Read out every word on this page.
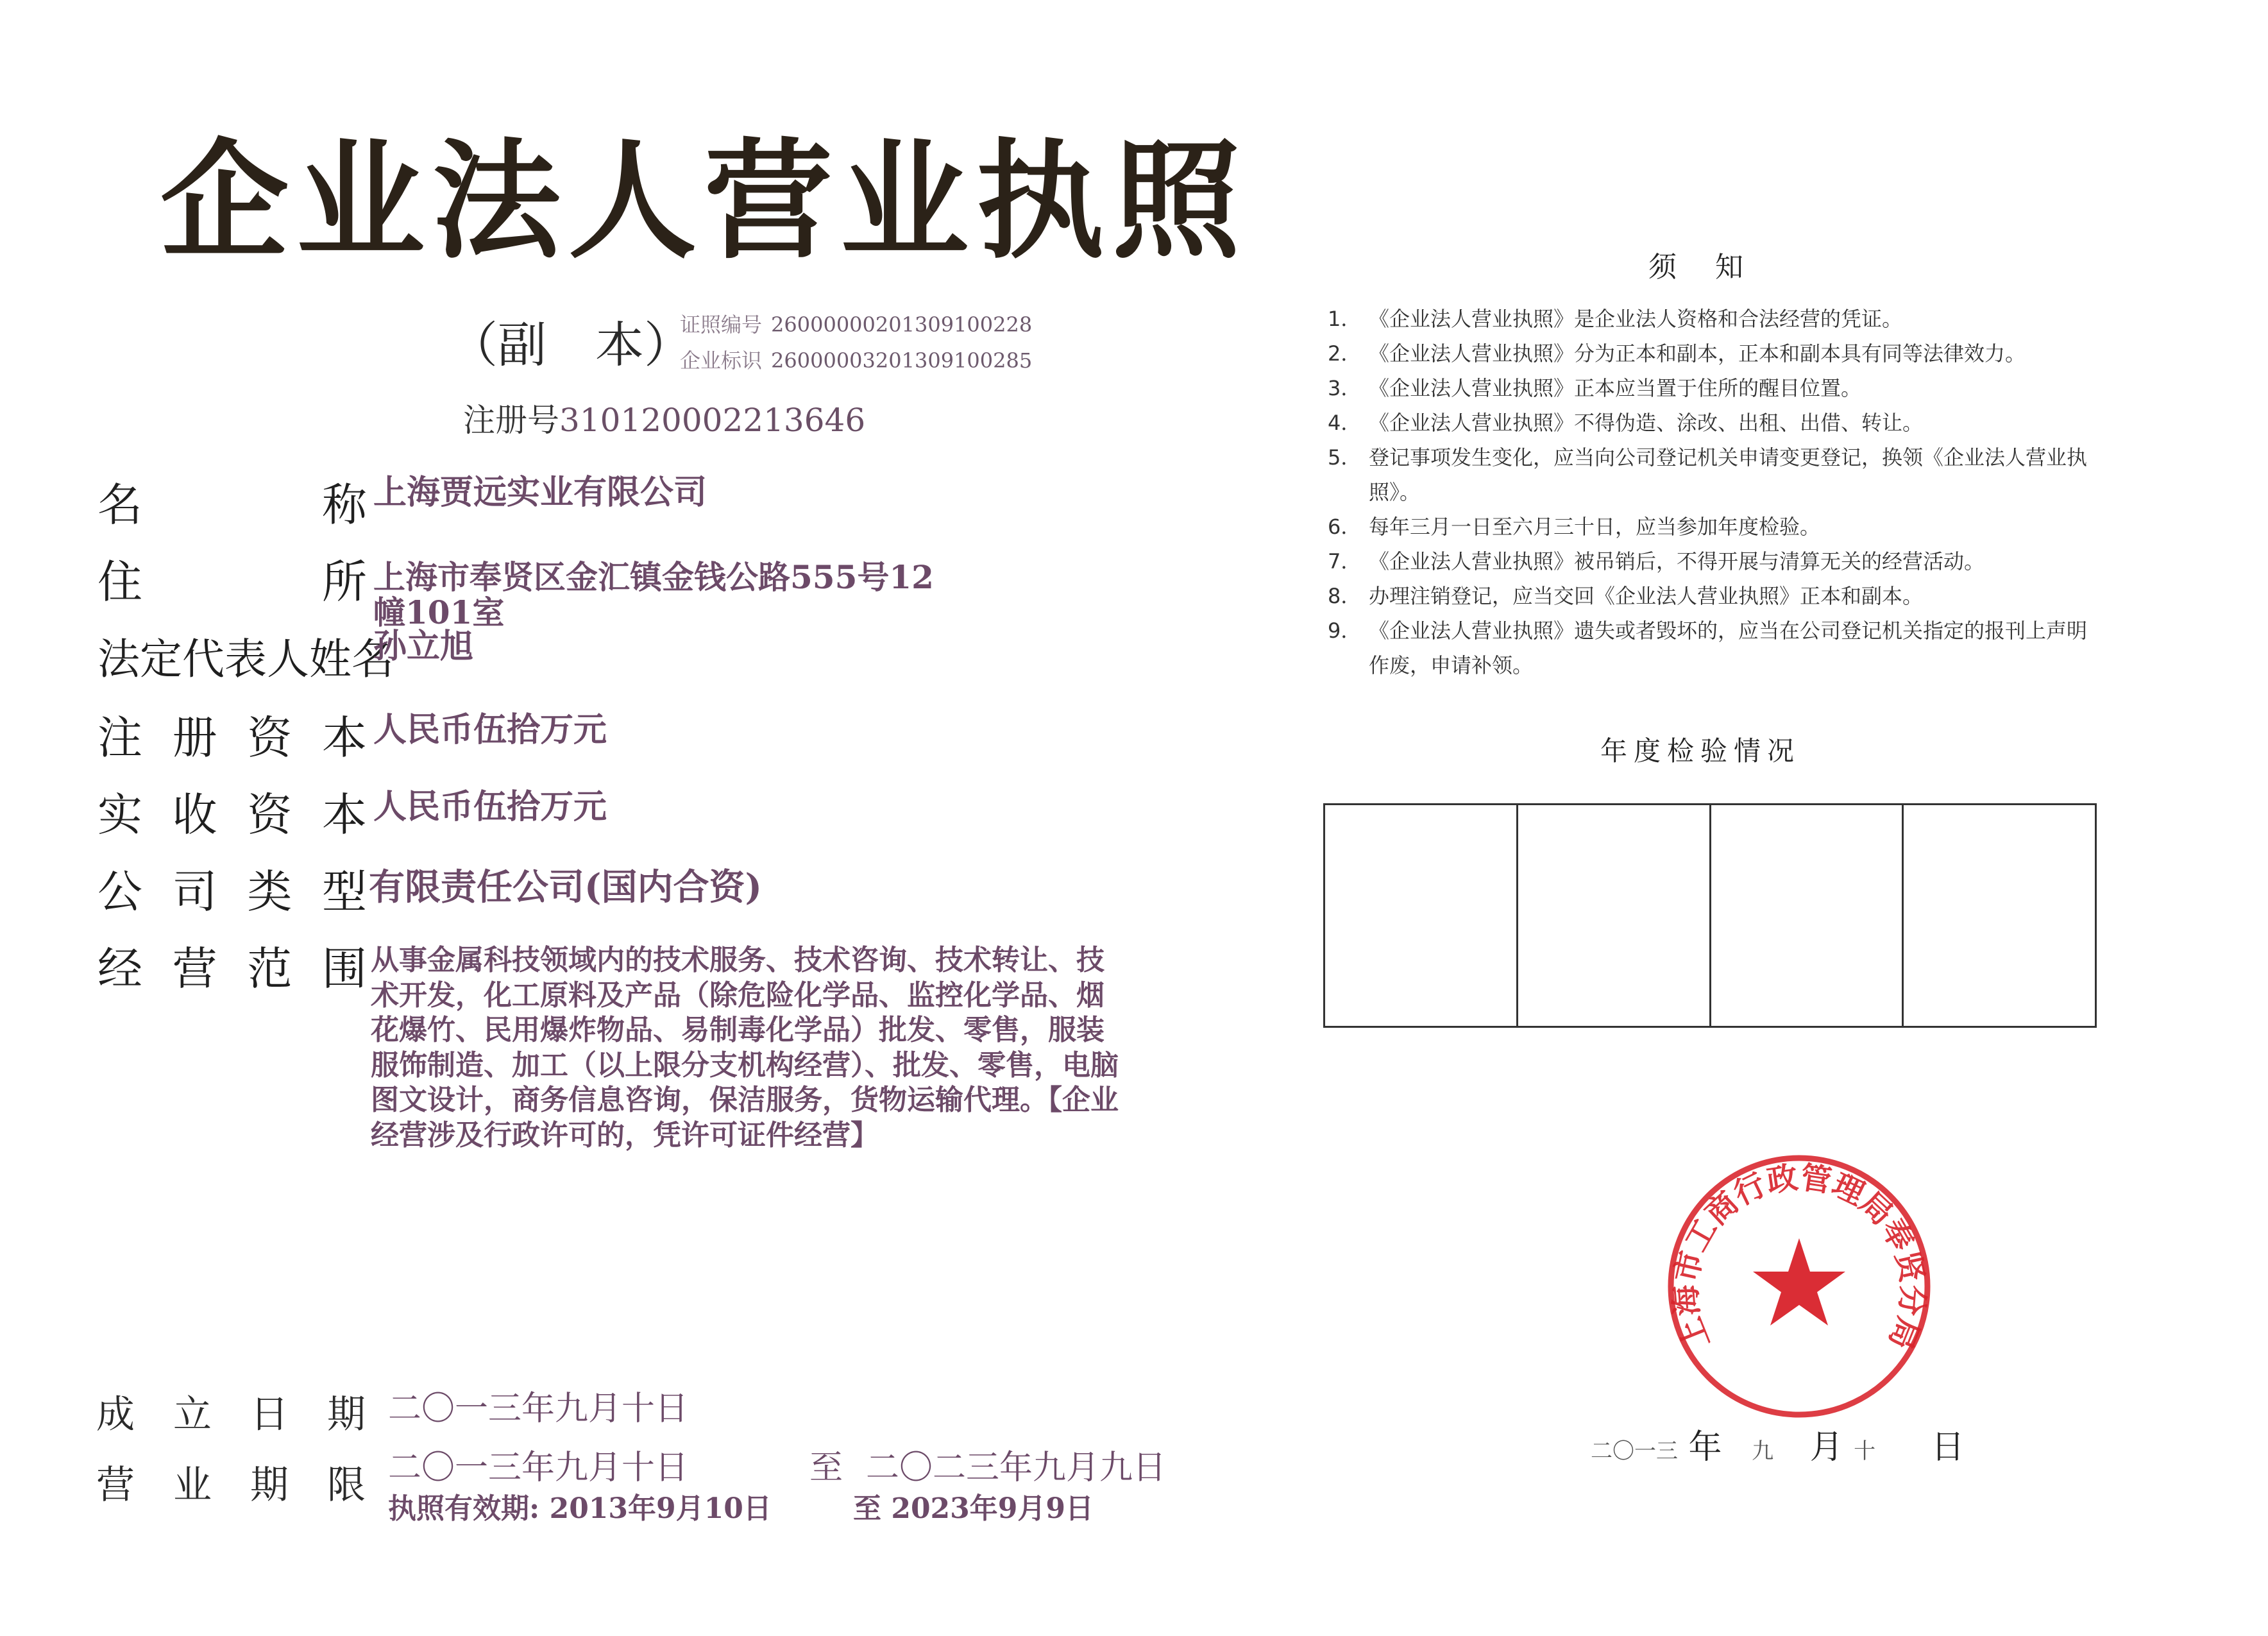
企业法人营业执照
（副　本）
证照编号 26000000201309100228
企业标识 26000003201309100285
注册号310120002213646
名	称 上海贾远实业有限公司
住	所 上海市奉贤区金汇镇金钱公路555号12幢101室
法定代表人姓名
孙立旭
注 册 资 本 人民币伍拾万元
实 收 资 本 人民币伍拾万元
公 司 类 型 有限责任公司(国内合资)
经 营 范 围 从事金属科技领域内的技术服务、技术咨询、技术转让、技术开发，化工原料及产品（除危险化学品、监控化学品、烟花爆竹、民用爆炸物品、易制毒化学品）批发、零售，服装服饰制造、加工（以上限分支机构经营）、批发、零售，电脑图文设计，商务信息咨询，保洁服务，货物运输代理。【企业经营涉及行政许可的，凭许可证件经营】
成 立 日 期 二〇一三年九月十日
营 业 期 限 二〇一三年九月十日	至 二〇二三年九月九日
执照有效期: 2013年9月10日	至 2023年9月9日
须知
1． 《企业法人营业执照》是企业法人资格和合法经营的凭证。
2． 《企业法人营业执照》分为正本和副本，正本和副本具有同等法律效力。
3． 《企业法人营业执照》正本应当置于住所的醒目位置。
4． 《企业法人营业执照》不得伪造、涂改、出租、出借、转让。
5． 登记事项发生变化，应当向公司登记机关申请变更登记，换领《企业法人营业执照》。
6． 每年三月一日至六月三十日，应当参加年度检验。
7． 《企业法人营业执照》被吊销后，不得开展与清算无关的经营活动。
8． 办理注销登记，应当交回《企业法人营业执照》正本和副本。
9． 《企业法人营业执照》遗失或者毁坏的，应当在公司登记机关指定的报刊上声明作废，申请补领。
年度检验情况
上海市工商行政管理局奉贤分局
二〇一三 年 九 月 十 日
